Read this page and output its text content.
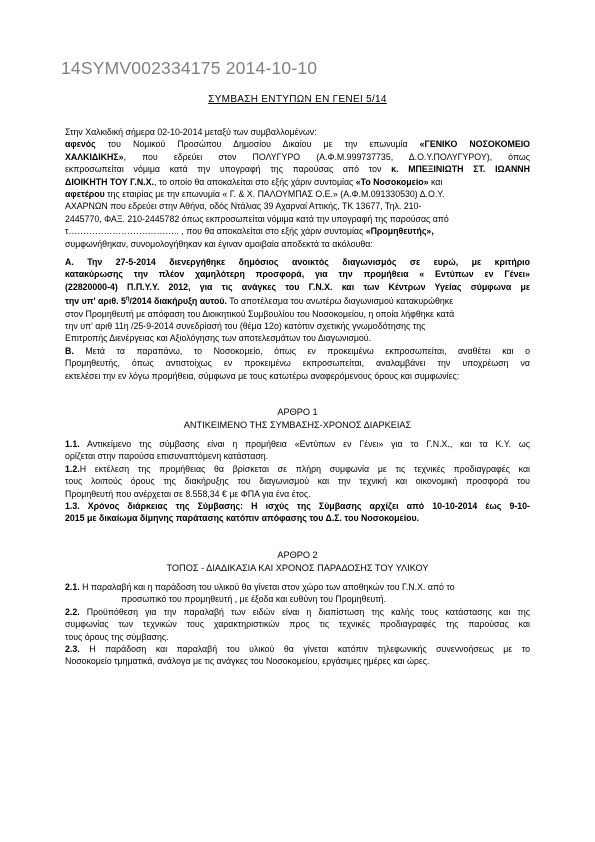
14SYMV002334175 2014-10-10
ΣΥΜΒΑΣΗ ΕΝΤΥΠΩΝ ΕΝ ΓΕΝΕΙ 5/14
Στην Χαλκιδική σήμερα 02-10-2014 μεταξύ των συμβαλλομένων:
αφενός του Νομικού Προσώπου Δημοσίου Δικαίου με την επωνυμία «ΓΕΝΙΚΟ ΝΟΣΟΚΟΜΕΙΟ
ΧΑΛΚΙΔΙΚΗΣ», που εδρεύει στον ΠΟΛΥΓΥΡΟ (Α.Φ.Μ.999737735, Δ.Ο.Υ.ΠΟΛΥΓΥΡΟΥ), όπως
εκπροσωπείται νόμιμα κατά την υπογραφή της παρούσας από τον κ. ΜΠΕΞΙΝΙΩΤΗ ΣΤ. ΙΩΑΝΝΗ
ΔΙΟΙΚΗΤΗ ΤΟΥ Γ.Ν.Χ., το οποίο θα αποκαλείται στο εξής χάριν συντομίας «Το Νοσοκομείο» και
αφετέρου της εταιρίας με την επωνυμία « Γ. & Χ. ΠΑΛΟΥΜΠΑΣ Ο.Ε.» (Α.Φ.Μ.091330530) Δ.Ο.Υ.
ΑΧΑΡΝΩΝ που εδρεύει στην Αθήνα, οδός Ντάλιας 39 Αχαρναί Αττικής, ΤΚ 13677, Τηλ. 210-
2445770, ΦΑΞ. 210-2445782 όπως εκπροσωπείται νόμιμα κατά την υπογραφή της παρούσας από
τ……………………………….. , που θα αποκαλείται στο εξής χάριν συντομίας «Προμηθευτής»,
συμφωνήθηκαν, συνομολογήθηκαν και έγιναν αμοιβαία αποδεκτά τα ακόλουθα:
Α. Την 27-5-2014 διενεργήθηκε δημόσιος ανοικτός διαγωνισμός σε ευρώ, με κριτήριο
κατακύρωσης την πλέον χαμηλότερη προσφορά, για την προμήθεια « Εντύπων εν Γένει»
(22820000-4) Π.Π.Υ.Υ. 2012, για τις ανάγκες του Γ.Ν.Χ. και των Κέντρων Υγείας σύμφωνα με
την υπ' αριθ. $5^\eta/2014$ διακήρυξη αυτού. Το αποτέλεσμα του ανωτέρω διαγωνισμού κατακυρώθηκε
στον Προμηθευτή με απόφαση του Διοικητικού Συμβουλίου του Νοσοκομείου, η οποία λήφθηκε κατά
την υπ' αριθ 11η /25-9-2014 συνεδρίασή του (θέμα 12ο) κατόπιν σχετικής γνωμοδότησης της
Επιτροπής Διενέργειας και Αξιολόγησης των αποτελεσμάτων του Διαγωνισμού.
Β. Μετά τα παραπάνω, το Νοσοκομείο, όπως εν προκειμένω εκπροσωπείται, αναθέτει και ο
Προμηθευτής, όπως αντιστοίχως εν προκειμένω εκπροσωπείται, αναλαμβάνει την υποχρέωση να
εκτελέσει την εν λόγω προμήθεια, σύμφωνα με τους κατωτέρω αναφερόμενους όρους και συμφωνίες:
ΑΡΘΡΟ 1
ΑΝΤΙΚΕΙΜΕΝΟ ΤΗΣ ΣΥΜΒΑΣΗΣ-ΧΡΟΝΟΣ ΔΙΑΡΚΕΙΑΣ
1.1. Αντικείμενο της σύμβασης είναι η προμήθεια «Εντύπων εν Γένει» για το Γ.Ν.Χ., και τα Κ.Υ. ως
ορίζεται στην παρούσα επισυναπτόμενη κατάσταση.
1.2.Η εκτέλεση της προμήθειας θα βρίσκεται σε πλήρη συμφωνία με τις τεχνικές προδιαγραφές και
τους λοιπούς όρους της διακήρυξης του διαγωνισμού και την τεχνική και οικονομική προσφορά του
Προμηθευτή που ανέρχεται σε 8.558,34 € με ΦΠΑ για ένα έτος.
1.3. Χρόνος διάρκειας της Σύμβασης: Η ισχύς της Σύμβασης αρχίζει από 10-10-2014 έως 9-10-
2015 με δικαίωμα δίμηνης παράτασης κατόπιν απόφασης του Δ.Σ. του Νοσοκομείου.
ΑΡΘΡΟ 2
ΤΟΠΟΣ - ΔΙΑΔΙΚΑΣΙΑ ΚΑΙ ΧΡΟΝΟΣ ΠΑΡΑΔΟΣΗΣ ΤΟΥ ΥΛΙΚΟΥ
2.1. Η παραλαβή και η παράδοση του υλικού θα γίνεται στον χώρο των αποθηκών του Γ.Ν.Χ. από το
προσωπικό του προμηθευτή , με έξοδα και ευθύνη του Προμηθευτή.
2.2. Προϋπόθεση για την παραλαβή των ειδών είναι η διαπίστωση της καλής τους κατάστασης και της
συμφωνίας των τεχνικών τους χαρακτηριστικών προς τις τεχνικές προδιαγραφές της παρούσας και
τους όρους της σύμβασης.
2.3. Η παράδοση και παραλαβή του υλικού θα γίνεται κατόπιν τηλεφωνικής συνεννοήσεως με το
Νοσοκομείο τμηματικά, ανάλογα με τις ανάγκες του Νοσοκομείου, εργάσιμες ημέρες και ώρες.
